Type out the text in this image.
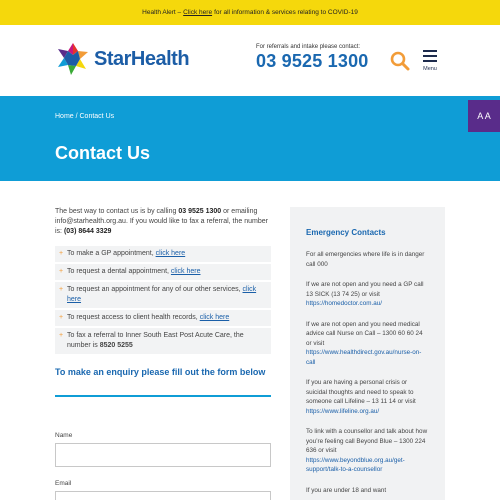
Health Alert – Click here for all information & services relating to COVID-19
StarHealth
For referrals and intake please contact:
03 9525 1300	Menu
Home / Contact Us
Contact Us
A A

The best way to contact us is by calling 03 9525 1300 or emailing info@starhealth.org.au. If you would like to fax a referral, the number is: (03) 8644 3329

+ To make a GP appointment, click here
+ To request a dental appointment, click here
+ To request an appointment for any of our other services, click here
+ To request access to client health records, click here
+ To fax a referral to Inner South East Post Acute Care, the number is 8520 5255
To make an enquiry please fill out the form below
Name
Email
Emergency Contacts

For all emergencies where life is in danger call 000

If we are not open and you need a GP call 13 SICK (13 74 25) or visit https://homedoctor.com.au/

If we are not open and you need medical advice call Nurse on Call – 1300 60 60 24 or visit https://www.healthdirect.gov.au/nurse-on-call

If you are having a personal crisis or suicidal thoughts and need to speak to someone call Lifeline – 13 11 14 or visit https://www.lifeline.org.au/

To link with a counsellor and talk about how you’re feeling call Beyond Blue – 1300 224 636 or visit https://www.beyondblue.org.au/get-support/talk-to-a-counsellor

If you are under 18 and want
